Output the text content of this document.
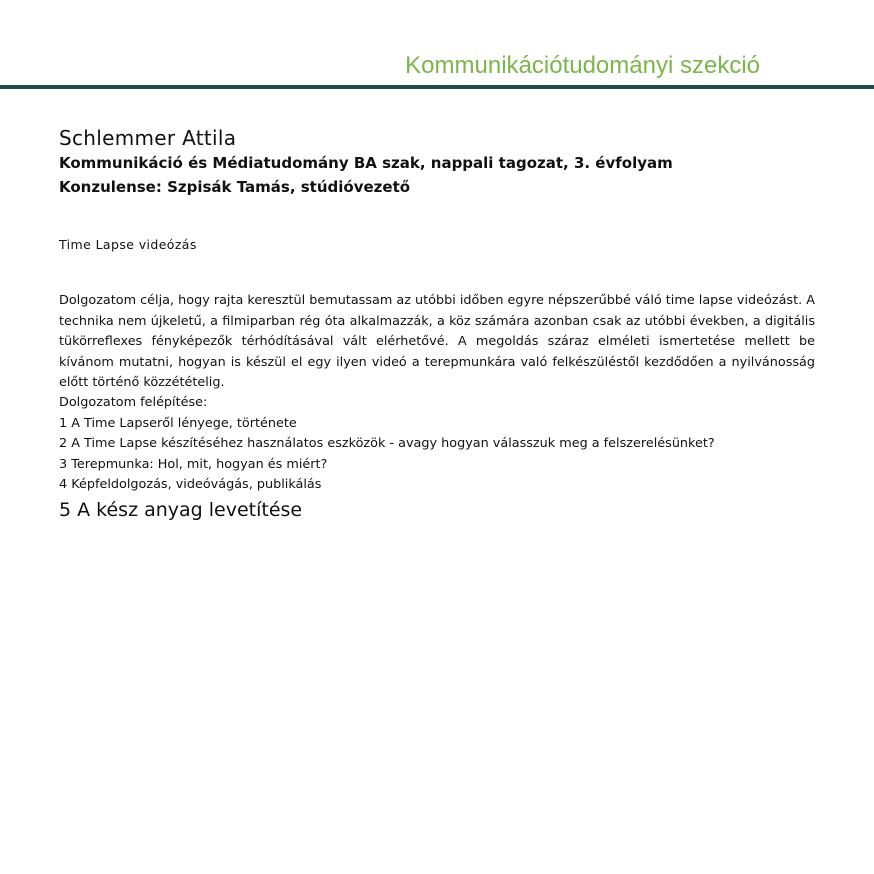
Kommunikációtudományi szekció
Schlemmer Attila
Kommunikáció és Médiatudomány BA szak, nappali tagozat, 3. évfolyam
Konzulense: Szpisák Tamás, stúdióvezető
Time Lapse videózás

Dolgozatom célja, hogy rajta keresztül bemutassam az utóbbi időben egyre népszerűbbé váló time lapse videózást. A technika nem újkeletű, a filmiparban rég óta alkalmazzák, a köz számára azonban csak az utóbbi években, a digitális tükörreflexes fényképezők térhódításával vált elérhetővé. A megoldás száraz elméleti ismertetése mellett be kívánom mutatni, hogyan is készül el egy ilyen videó a terepmunkára való felkészüléstől kezdődően a nyilvánosság előtt történő közzétételig.

Dolgozatom felépítése:
1 A Time Lapseről lényege, története
2 A Time Lapse készítéséhez használatos eszközök - avagy hogyan válasszuk meg a felszerelésünket?
3 Terepmunka: Hol, mit, hogyan és miért?
4 Képfeldolgozás, videóvágás, publikálás
5 A kész anyag levetítése
